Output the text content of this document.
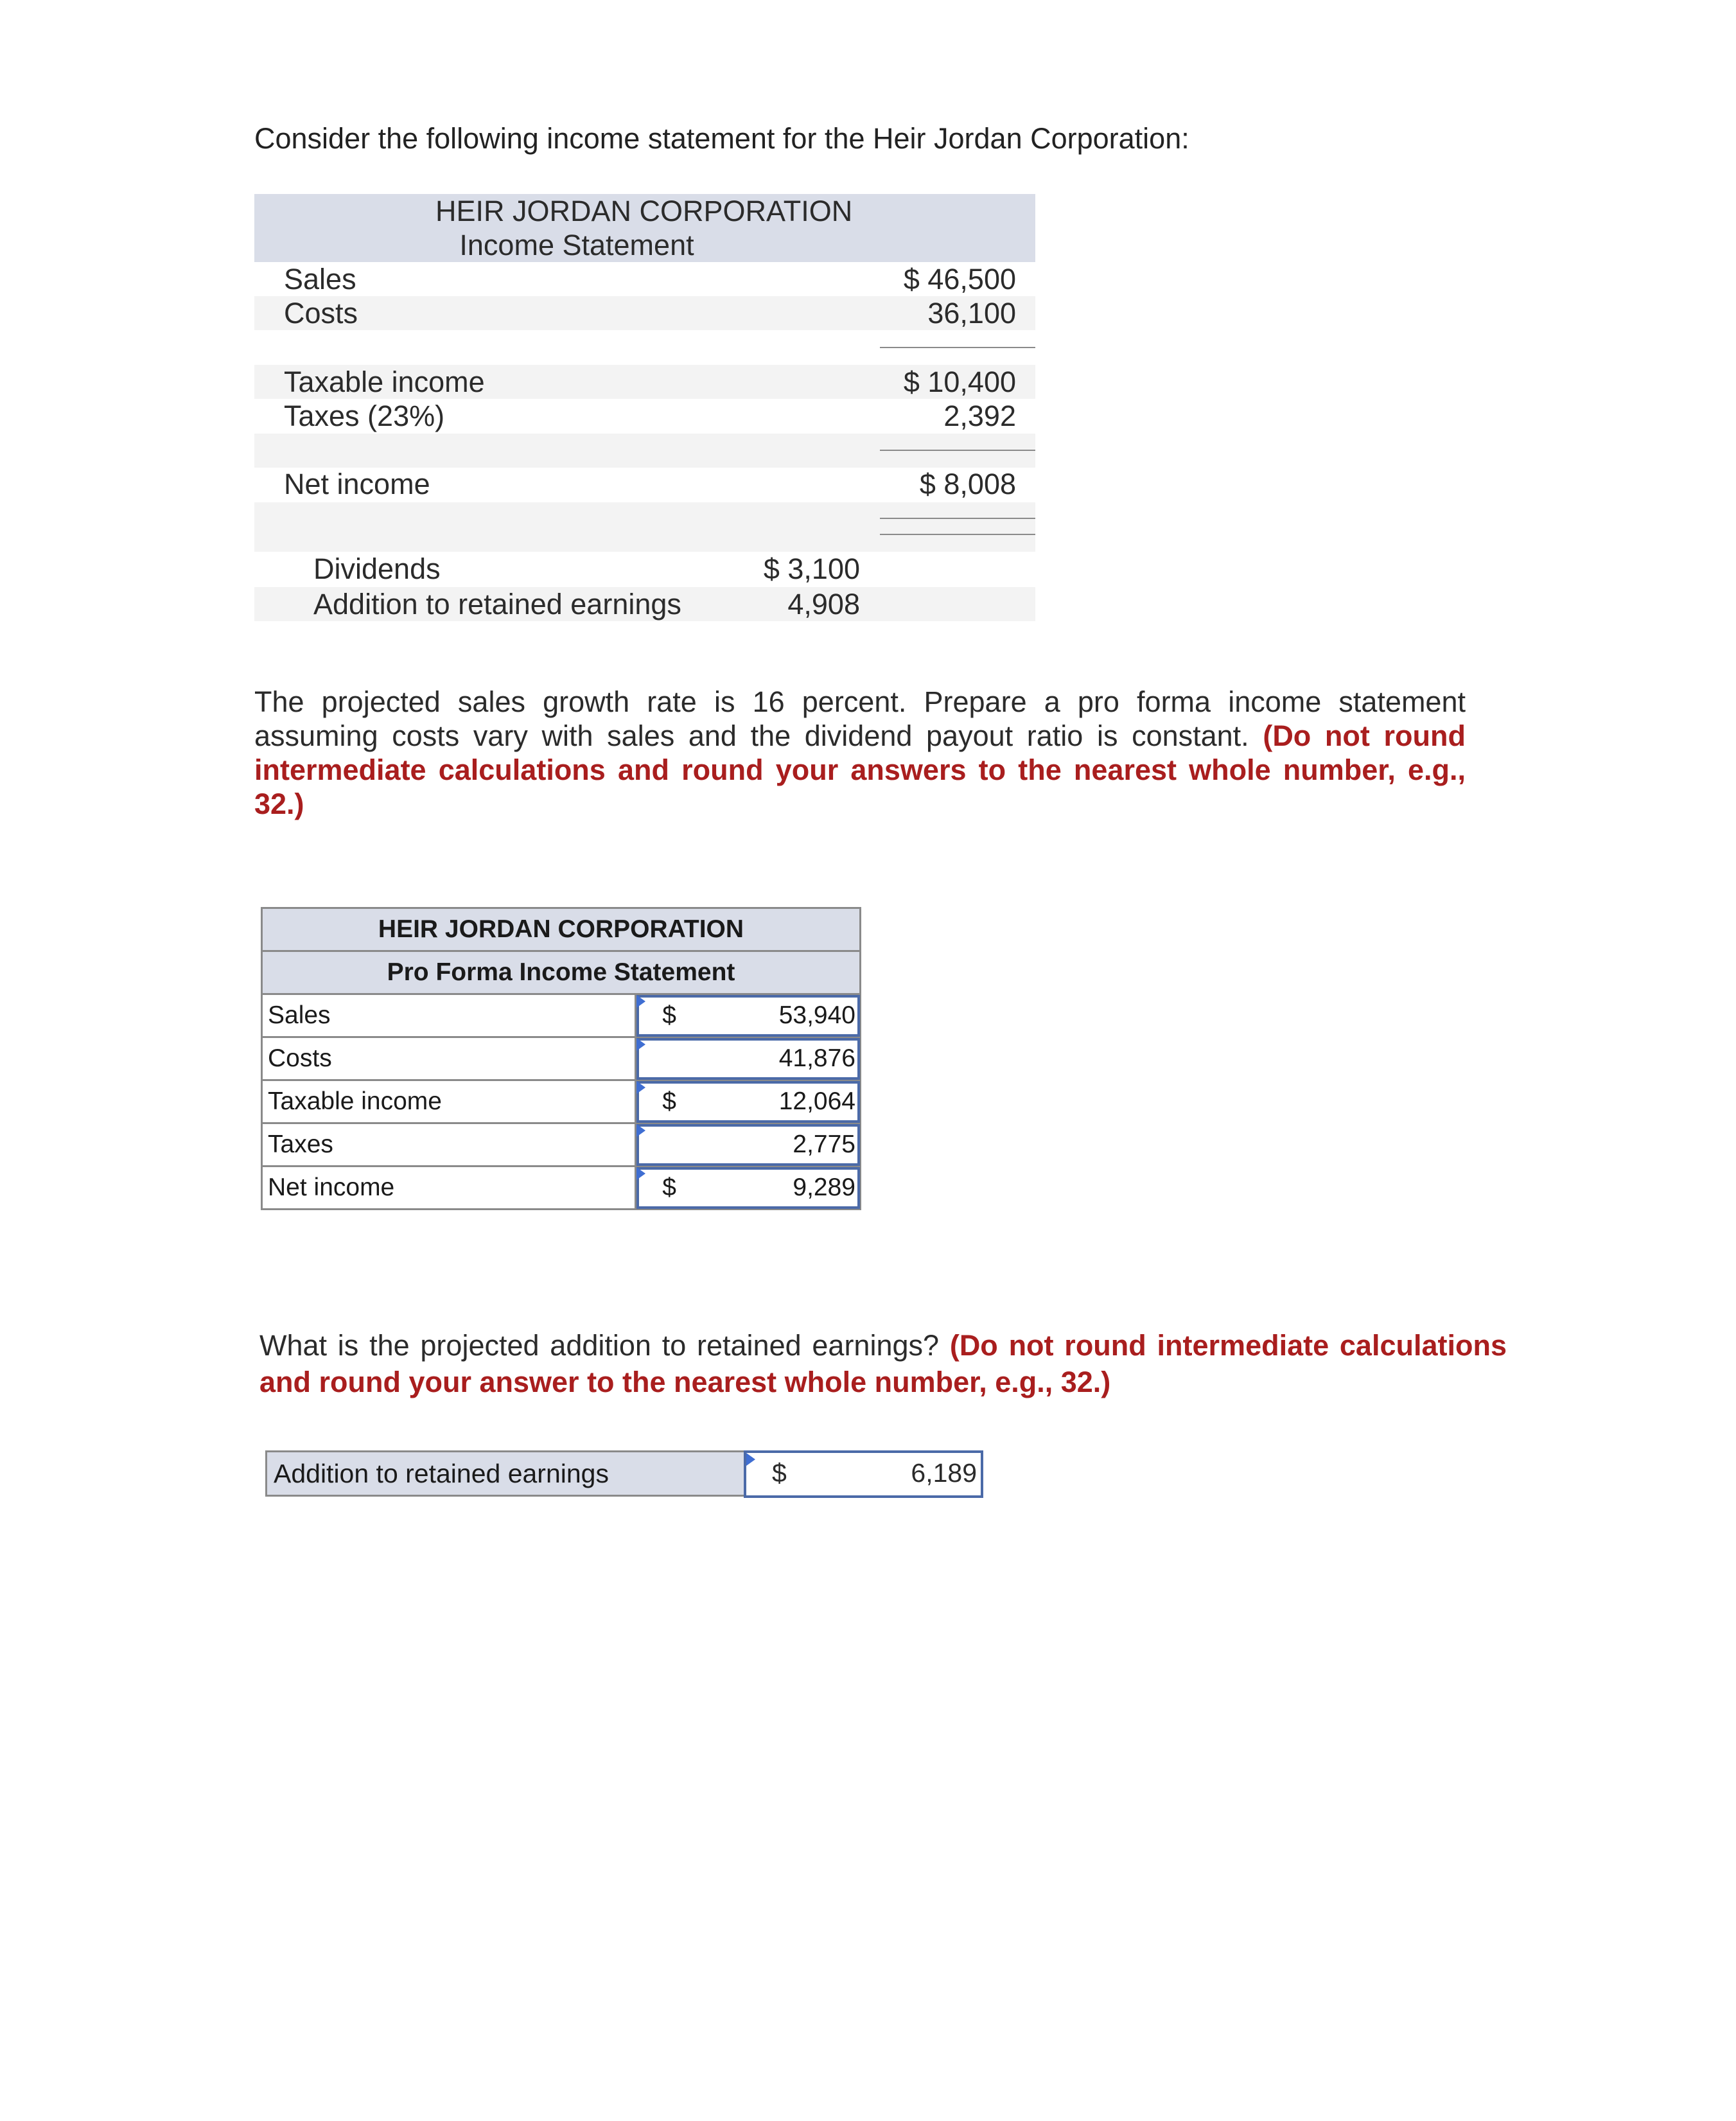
Consider the following income statement for the Heir Jordan Corporation:
HEIR JORDAN CORPORATION
Income Statement
Sales	$ 46,500
Costs	36,100
Taxable income	$ 10,400
Taxes (23%)	2,392
Net income	$ 8,008
Dividends	$ 3,100
Addition to retained earnings	4,908
The projected sales growth rate is 16 percent. Prepare a pro forma income statement assuming costs vary with sales and the dividend payout ratio is constant. (Do not round intermediate calculations and round your answers to the nearest whole number, e.g., 32.)
HEIR JORDAN CORPORATION	
Pro Forma Income Statement	
Sales	$ 53,940

Costs	41,876

Taxable income	$ 12,064

Taxes	2,775

Net income	$ 9,289
What is the projected addition to retained earnings? (Do not round intermediate calculations and round your answer to the nearest whole number, e.g., 32.)
Addition to retained earnings	$	6,189
